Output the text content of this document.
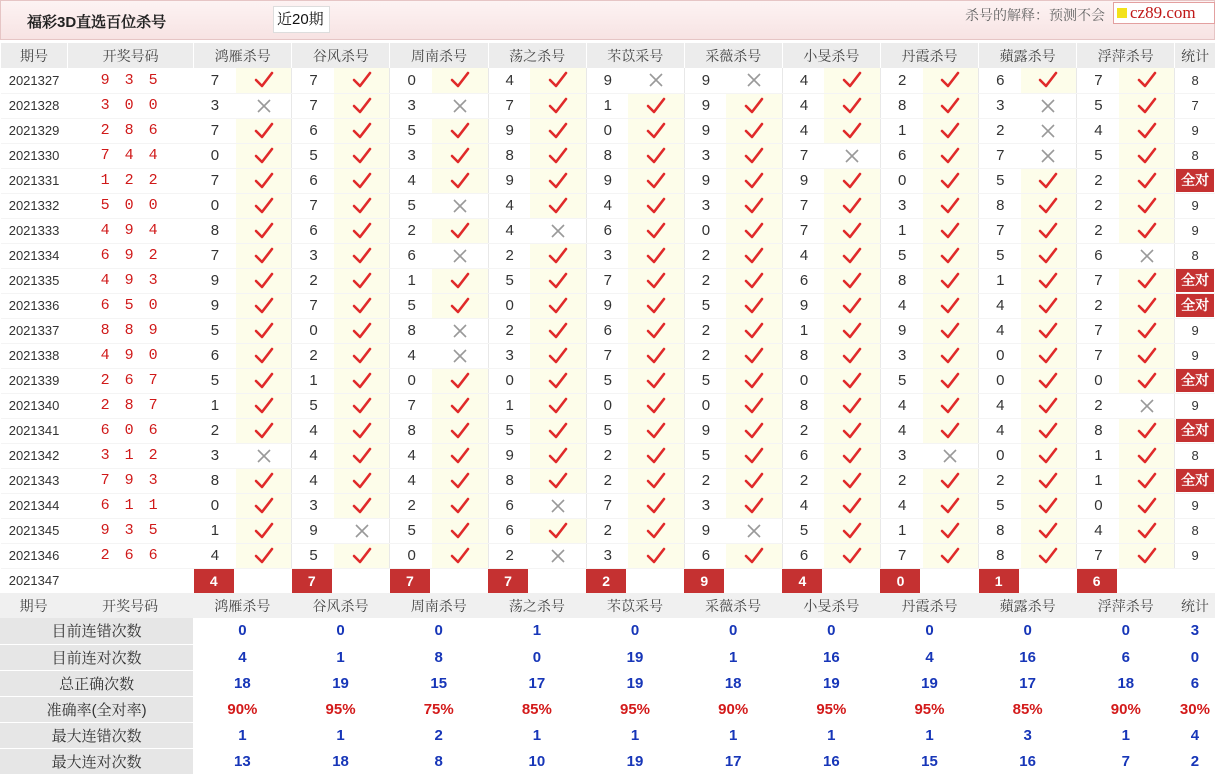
福彩3D直选百位杀号	近20期	杀号的解释：预测不会	cz89.com
期号	开奖号码	鸿雁杀号		谷风杀号		周南杀号		荡之杀号		芣苡采号		采薇杀号		小旻杀号		丹霞杀号		蘋露杀号		浮萍杀号		统计
2021327	9 3 5	7		7		0		4		9		9		4		2		6		7		8
2021328	3 0 0	3		7		3		7		1		9		4		8		3		5		7
2021329	2 8 6	7		6		5		9		0		9		4		1		2		4		9
2021330	7 4 4	0		5		3		8		8		3		7		6		7		5		8
2021331	1 2 2	7		6		4		9		9		9		9		0		5		2		全对
2021332	5 0 0	0		7		5		4		4		3		7		3		8		2		9
2021333	4 9 4	8		6		2		4		6		0		7		1		7		2		9
2021334	6 9 2	7		3		6		2		3		2		4		5		5		6		8
2021335	4 9 3	9		2		1		5		7		2		6		8		1		7		全对
2021336	6 5 0	9		7		5		0		9		5		9		4		4		2		全对
2021337	8 8 9	5		0		8		2		6		2		1		9		4		7		9
2021338	4 9 0	6		2		4		3		7		2		8		3		0		7		9
2021339	2 6 7	5		1		0		0		5		5		0		5		0		0		全对
2021340	2 8 7	1		5		7		1		0		0		8		4		4		2		9
2021341	6 0 6	2		4		8		5		5		9		2		4		4		8		全对
2021342	3 1 2	3		4		4		9		2		5		6		3		0		1		8
2021343	7 9 3	8		4		4		8		2		2		2		2		2		1		全对
2021344	6 1 1	0		3		2		6		7		3		4		4		5		0		9
2021345	9 3 5	1		9		5		6		2		9		5		1		8		4		8
2021346	2 6 6	4		5		0		2		3		6		6		7		8		7		9
2021347	当前期杀号	4		7		7		7		2		9		4		0		1		6		
期号 开奖号码	鸿雁杀号	谷风杀号	周南杀号	荡之杀号	芣苡采号	采薇杀号	小旻杀号	丹霞杀号	蘋露杀号	浮萍杀号	统计
目前连错次数	0	0	0	1	0	0	0	0	0	0	3
目前连对次数	4	1	8	0	19	1	16	4	16	6	0
总正确次数	18	19	15	17	19	18	19	19	17	18	6
准确率(全对率)	90%	95%	75%	85%	95%	90%	95%	95%	85%	90%	30%
最大连错次数	1	1	2	1	1	1	1	1	3	1	4
最大连对次数	13	18	8	10	19	17	16	15	16	7	2
